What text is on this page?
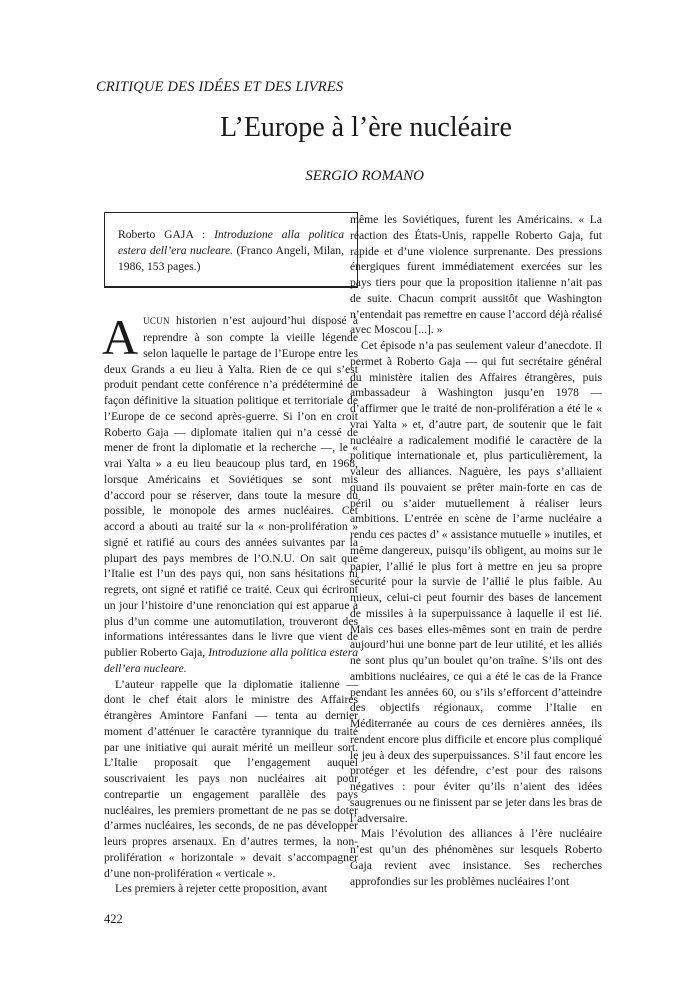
CRITIQUE DES IDÉES ET DES LIVRES
L’Europe à l’ère nucléaire
SERGIO ROMANO
Roberto GAJA : Introduzione alla politica estera dell’era nucleare. (Franco Angeli, Milan, 1986, 153 pages.)

AUCUN historien n’est aujourd’hui disposé à reprendre à son compte la vieille légende selon laquelle le partage de l’Europe entre les deux Grands a eu lieu à Yalta. Rien de ce qui s’est produit pendant cette conférence n’a prédéterminé de façon définitive la situation politique et territoriale de l’Europe de ce second après-guerre. Si l’on en croit Roberto Gaja — diplomate italien qui n’a cessé de mener de front la diplomatie et la recherche —, le « vrai Yalta » a eu lieu beaucoup plus tard, en 1968, lorsque Américains et Soviétiques se sont mis d’accord pour se réserver, dans toute la mesure du possible, le monopole des armes nucléaires. Cet accord a abouti au traité sur la « non-prolifération » signé et ratifié au cours des années suivantes par la plupart des pays membres de l’O.N.U. On sait que l’Italie est l’un des pays qui, non sans hésitations ni regrets, ont signé et ratifié ce traité. Ceux qui écriront un jour l’histoire d’une renonciation qui est apparue à plus d’un comme une automutilation, trouveront des informations intéressantes dans le livre que vient de publier Roberto Gaja, Introduzione alla politica estera dell’era nucleare.

L’auteur rappelle que la diplomatie italienne — dont le chef était alors le ministre des Affaires étrangères Amintore Fanfani — tenta au dernier moment d’atténuer le caractère tyrannique du traité par une initiative qui aurait mérité un meilleur sort. L’Italie proposait que l’engagement auquel souscrivaient les pays non nucléaires ait pour contrepartie un engagement parallèle des pays nucléaires, les premiers promettant de ne pas se doter d’armes nucléaires, les seconds, de ne pas développer leurs propres arsenaux. En d’autres termes, la non-prolifération « horizontale » devait s’accompagner d’une non-prolifération « verticale ».

Les premiers à rejeter cette proposition, avant

même les Soviétiques, furent les Américains. « La réaction des États-Unis, rappelle Roberto Gaja, fut rapide et d’une violence surprenante. Des pressions énergiques furent immédiatement exercées sur les pays tiers pour que la proposition italienne n’ait pas de suite. Chacun comprit aussitôt que Washington n’entendait pas remettre en cause l’accord déjà réalisé avec Moscou [...]. »

Cet épisode n’a pas seulement valeur d’anecdote. Il permet à Roberto Gaja — qui fut secrétaire général du ministère italien des Affaires étrangères, puis ambassadeur à Washington jusqu’en 1978 — d’affirmer que le traité de non-prolifération a été le « vrai Yalta » et, d’autre part, de soutenir que le fait nucléaire a radicalement modifié le caractère de la politique internationale et, plus particulièrement, la valeur des alliances. Naguère, les pays s’alliaient quand ils pouvaient se prêter main-forte en cas de péril ou s’aider mutuellement à réaliser leurs ambitions. L’entrée en scène de l’arme nucléaire a rendu ces pactes d’ « assistance mutuelle » inutiles, et même dangereux, puisqu’ils obligent, au moins sur le papier, l’allié le plus fort à mettre en jeu sa propre sécurité pour la survie de l’allié le plus faible. Au mieux, celui-ci peut fournir des bases de lancement de missiles à la superpuissance à laquelle il est lié. Mais ces bases elles-mêmes sont en train de perdre aujourd’hui une bonne part de leur utilité, et les alliés ne sont plus qu’un boulet qu’on traîne. S’ils ont des ambitions nucléaires, ce qui a été le cas de la France pendant les années 60, ou s’ils s’efforcent d’atteindre des objectifs régionaux, comme l’Italie en Méditerranée au cours de ces dernières années, ils rendent encore plus difficile et encore plus compliqué le jeu à deux des superpuissances. S’il faut encore les protéger et les défendre, c’est pour des raisons négatives : pour éviter qu’ils n’aient des idées saugrenues ou ne finissent par se jeter dans les bras de l’adversaire.

Mais l’évolution des alliances à l’ère nucléaire n’est qu’un des phénomènes sur lesquels Roberto Gaja revient avec insistance. Ses recherches approfondies sur les problèmes nucléaires l’ont

422
